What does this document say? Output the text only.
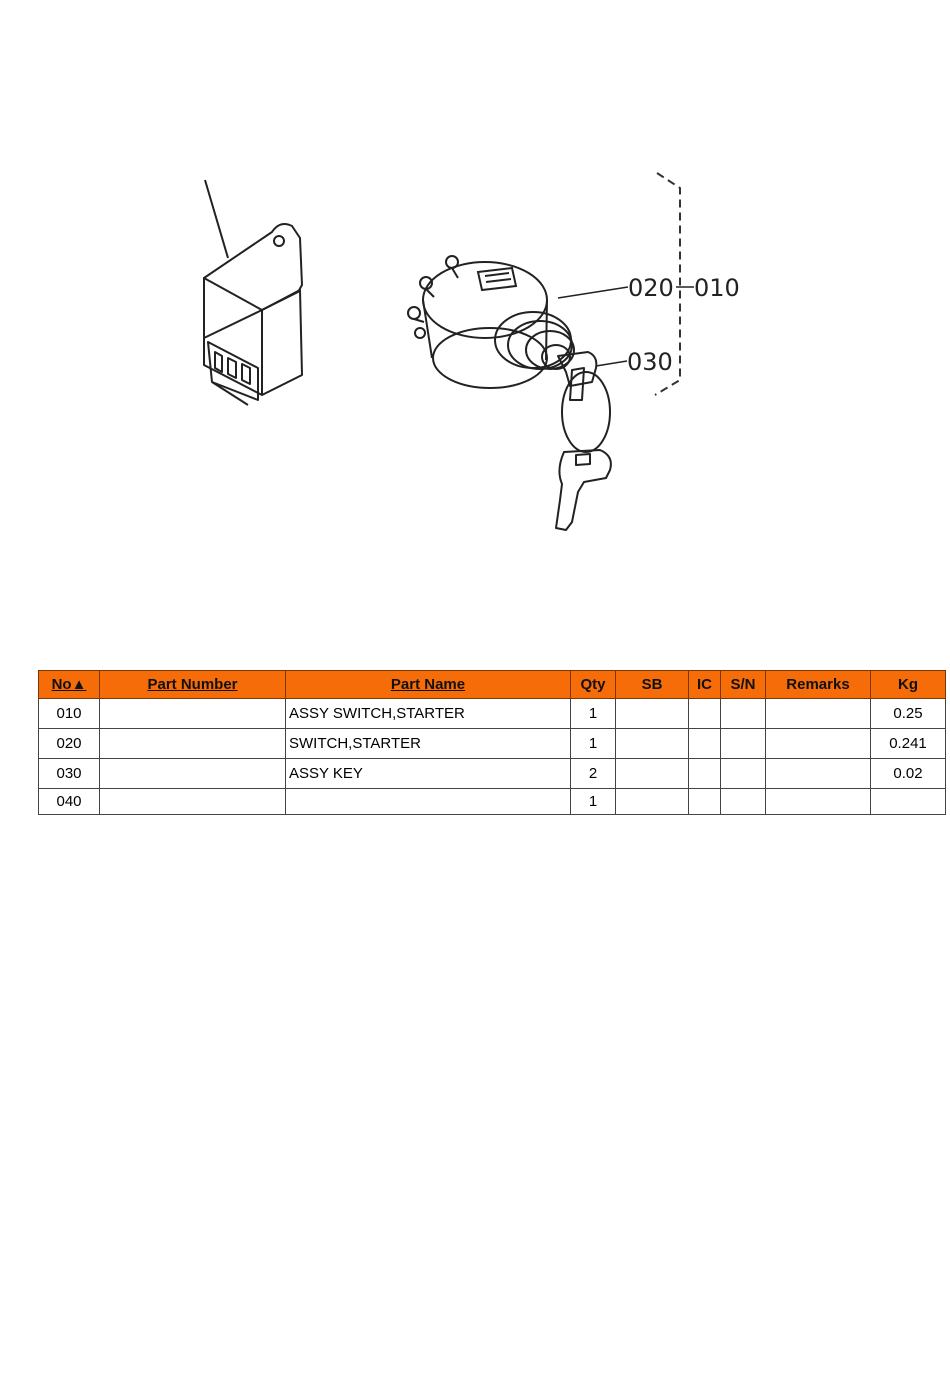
020 010
030
No▲	Part Number	Part Name	Qty	SB	IC	S/N	Remarks	Kg
010		ASSY SWITCH,STARTER	1					0.25
020		SWITCH,STARTER	1					0.241
030		ASSY KEY	2					0.02
040			1					
